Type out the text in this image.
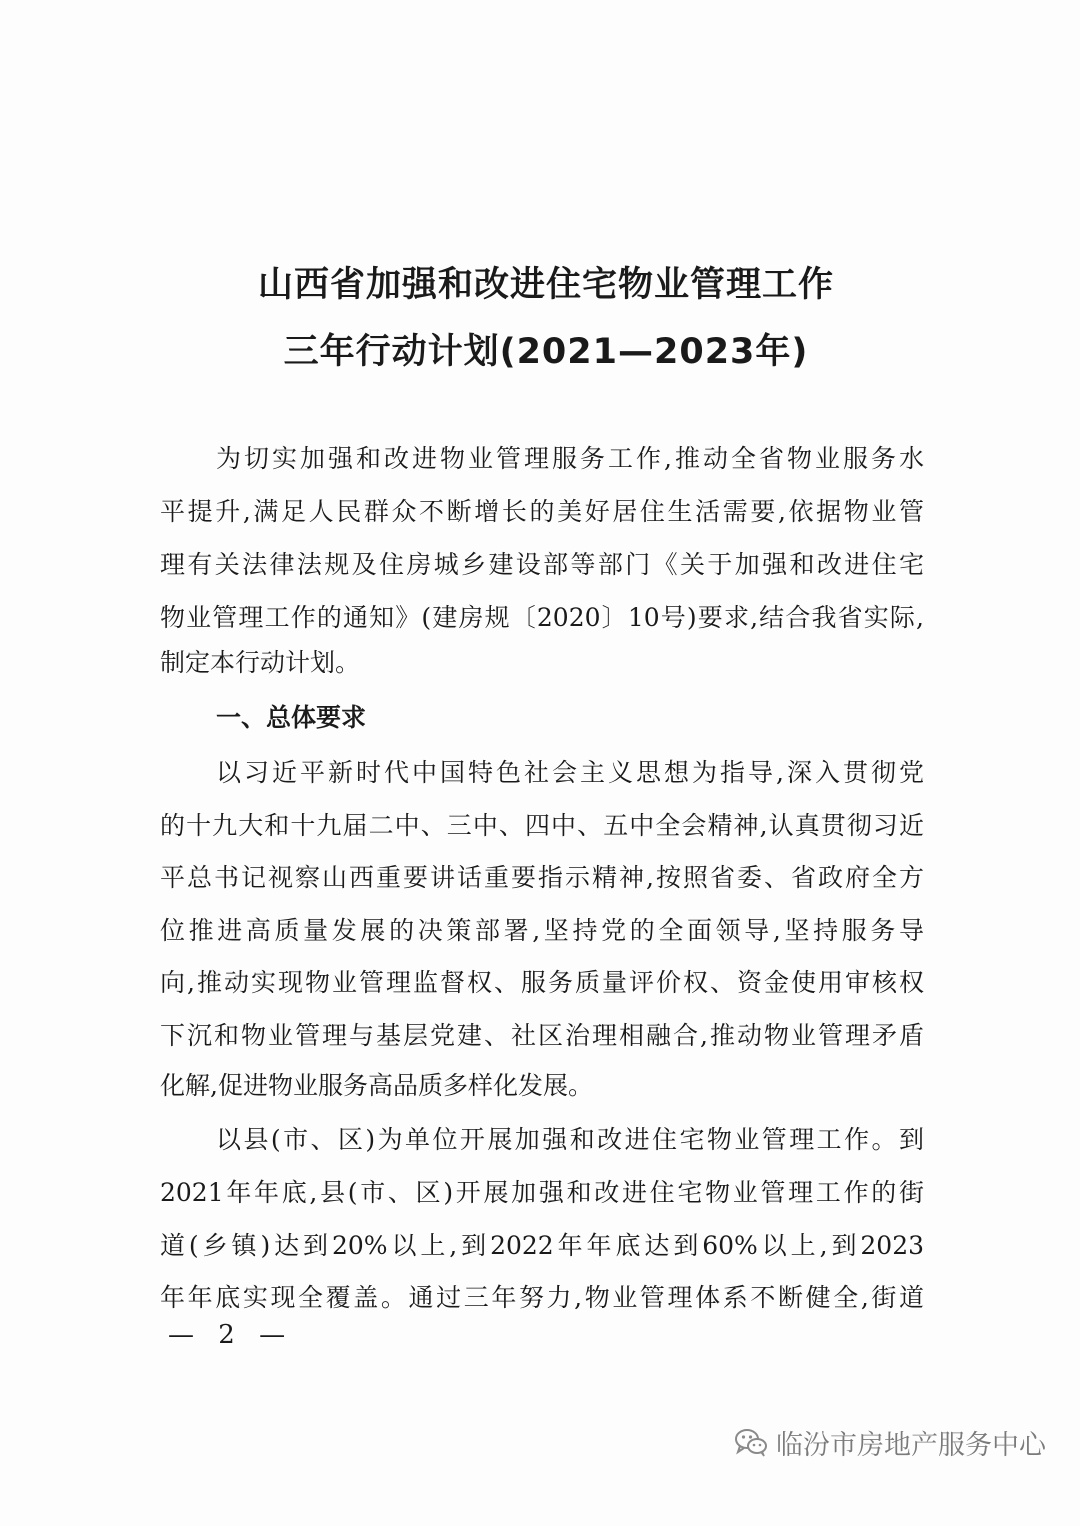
山西省加强和改进住宅物业管理工作
三年行动计划(2021—2023年)
为切实加强和改进物业管理服务工作,推动全省物业服务水
平提升,满足人民群众不断增长的美好居住生活需要,依据物业管
理有关法律法规及住房城乡建设部等部门《关于加强和改进住宅
物业管理工作的通知》(建房规〔2020〕10号)要求,结合我省实际,
制定本行动计划。
一、总体要求
以习近平新时代中国特色社会主义思想为指导,深入贯彻党
的十九大和十九届二中、三中、四中、五中全会精神,认真贯彻习近
平总书记视察山西重要讲话重要指示精神,按照省委、省政府全方
位推进高质量发展的决策部署,坚持党的全面领导,坚持服务导
向,推动实现物业管理监督权、服务质量评价权、资金使用审核权
下沉和物业管理与基层党建、社区治理相融合,推动物业管理矛盾
化解,促进物业服务高品质多样化发展。
以县(市、区)为单位开展加强和改进住宅物业管理工作。到
2021年年底,县(市、区)开展加强和改进住宅物业管理工作的街
道(乡镇)达到20%以上,到2022年年底达到60%以上,到2023
年年底实现全覆盖。通过三年努力,物业管理体系不断健全,街道
— 2 —
临汾市房地产服务中心
